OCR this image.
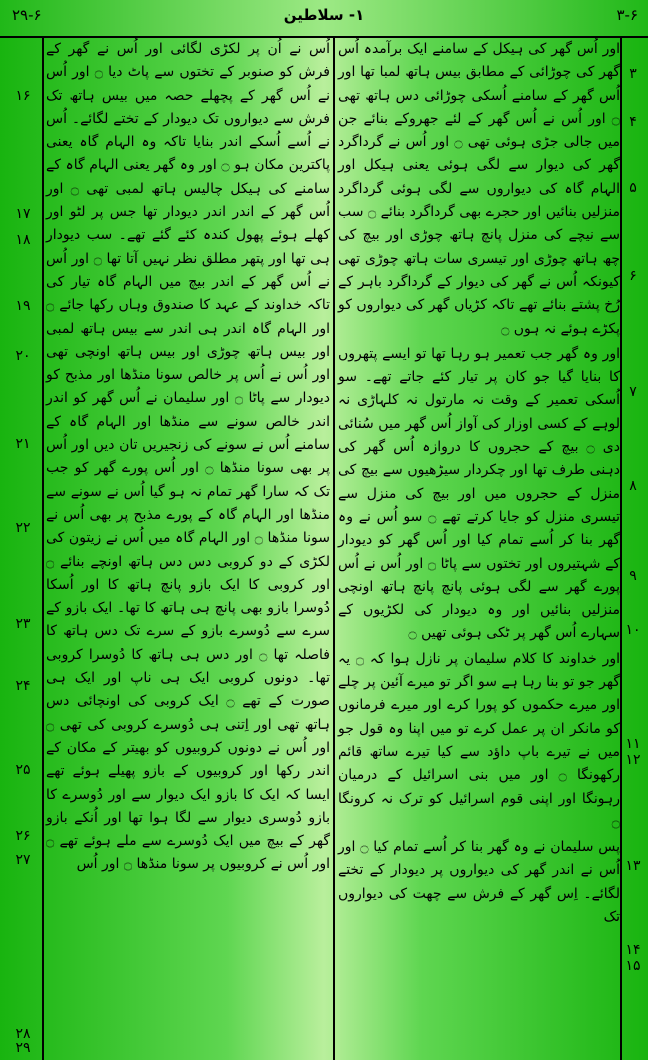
۲۹-۶	۱- سلاطین	۳-۶

اور اُس گھر کی ہیکل کے سامنے ایک برآمدہ اُس گھر کی چوڑائی کے مطابق بیس ہاتھ لمبا تھا اور اُس گھر کے سامنے اُسکی چوڑائی دس ہاتھ تھی ۝ اور اُس نے اُس گھر کے لئے جھروکے بنائے جن میں جالی جڑی ہوئی تھی ۝ اور اُس نے گرداگرد گھر کی دیوار سے لگی ہوئی یعنی ہیکل اور الہام گاہ کی دیواروں سے لگی ہوئی گرداگرد منزلیں بنائیں اور حجرے بھی گرداگرد بنائے ۝ سب سے نیچے کی منزل پانچ ہاتھ چوڑی اور بیچ کی چھ ہاتھ چوڑی اور تیسری سات ہاتھ چوڑی تھی کیونکہ اُس نے گھر کی دیوار کے گرداگرد باہر کے رُخ پشتے بنائے تھے تاکہ کڑیاں گھر کی دیواروں کو پکڑے ہوئے نہ ہوں ۝

اور وہ گھر جب تعمیر ہو رہا تھا تو ایسے پتھروں کا بنایا گیا جو کان پر تیار کئے جاتے تھے۔ سو اُسکی تعمیر کے وقت نہ مارتول نہ کلہاڑی نہ لوہے کے کسی اوزار کی آواز اُس گھر میں سُنائی دی ۝ بیچ کے حجروں کا دروازہ اُس گھر کی دہنی طرف تھا اور چکردار سیڑھیوں سے بیچ کی منزل کے حجروں میں اور بیچ کی منزل سے تیسری منزل کو جایا کرتے تھے ۝ سو اُس نے وہ گھر بنا کر اُسے تمام کیا اور اُس گھر کو دیودار کے شہتیروں اور تختوں سے پاٹا ۝ اور اُس نے اُس پورے گھر سے لگی ہوئی پانچ پانچ ہاتھ اونچی منزلیں بنائیں اور وہ دیودار کی لکڑیوں کے سہارے اُس گھر پر ٹکی ہوئی تھیں ۝

اور خداوند کا کلام سلیمان پر نازل ہوا کہ ۝ یہ گھر جو تو بنا رہا ہے سو اگر تو میرے آئین پر چلے اور میرے حکموں کو پورا کرے اور میرے فرمانوں کو مانکر ان پر عمل کرے تو میں اپنا وہ قول جو میں نے تیرے باپ داؤد سے کیا تیرے ساتھ قائم رکھونگا ۝ اور میں بنی اسرائیل کے درمیان رہونگا اور اپنی قوم اسرائیل کو ترک نہ کرونگا ۝

پس سلیمان نے وہ گھر بنا کر اُسے تمام کیا ۝ اور اُس نے اندر گھر کی دیواروں پر دیودار کے تختے لگائے۔ اِس گھر کے فرش سے چھت کی دیواروں تک

اُس نے اُن پر لکڑی لگائی اور اُس نے گھر کے فرش کو صنوبر کے تختوں سے پاٹ دیا ۝ اور اُس نے اُس گھر کے پچھلے حصہ میں بیس ہاتھ تک فرش سے دیواروں تک دیودار کے تختے لگائے۔ اُس نے اُسے اُسکے اندر بنایا تاکہ وہ الہام گاہ یعنی پاکترین مکان ہو ۝ اور وہ گھر یعنی الہام گاہ کے سامنے کی ہیکل چالیس ہاتھ لمبی تھی ۝ اور اُس گھر کے اندر اندر دیودار تھا جس پر لٹو اور کھلے ہوئے پھول کندہ کئے گئے تھے۔ سب دیودار ہی تھا اور پتھر مطلق نظر نہیں آتا تھا ۝ اور اُس نے اُس گھر کے اندر بیچ میں الہام گاہ تیار کی تاکہ خداوند کے عہد کا صندوق وہاں رکھا جائے ۝ اور الہام گاہ اندر ہی اندر سے بیس ہاتھ لمبی اور بیس ہاتھ چوڑی اور بیس ہاتھ اونچی تھی اور اُس نے اُس پر خالص سونا منڈھا اور مذبح کو دیودار سے پاٹا ۝ اور سلیمان نے اُس گھر کو اندر اندر خالص سونے سے منڈھا اور الہام گاہ کے سامنے اُس نے سونے کی زنجیریں تان دیں اور اُس پر بھی سونا منڈھا ۝ اور اُس پورے گھر کو جب تک کہ سارا گھر تمام نہ ہو گیا اُس نے سونے سے منڈھا اور الہام گاہ کے پورے مذبح پر بھی اُس نے سونا منڈھا ۝ اور الہام گاہ میں اُس نے زیتون کی لکڑی کے دو کروبی دس دس ہاتھ اونچے بنائے ۝ اور کروبی کا ایک بازو پانچ ہاتھ کا اور اُسکا دُوسرا بازو بھی پانچ ہی ہاتھ کا تھا۔ ایک بازو کے سرے سے دُوسرے بازو کے سرے تک دس ہاتھ کا فاصلہ تھا ۝ اور دس ہی ہاتھ کا دُوسرا کروبی تھا۔ دونوں کروبی ایک ہی ناپ اور ایک ہی صورت کے تھے ۝ ایک کروبی کی اونچائی دس ہاتھ تھی اور اِتنی ہی دُوسرے کروبی کی تھی ۝ اور اُس نے دونوں کروبیوں کو بھیتر کے مکان کے اندر رکھا اور کروبیوں کے بازو پھیلے ہوئے تھے ایسا کہ ایک کا بازو ایک دیوار سے اور دُوسرے کا بازو دُوسری دیوار سے لگا ہوا تھا اور اُنکے بازو گھر کے بیچ میں ایک دُوسرے سے ملے ہوئے تھے ۝ اور اُس نے کروبیوں پر سونا منڈھا ۝ اور اُس

۳
۴
۵
۶
۷
۸
۹
۱۰
۱۱
۱۲
۱۳
۱۴
۱۵
۱۶
۱۷
۱۸
۱۹
۲۰
۲۱
۲۲
۲۳
۲۴
۲۵
۲۶
۲۷
۲۸
۲۹
